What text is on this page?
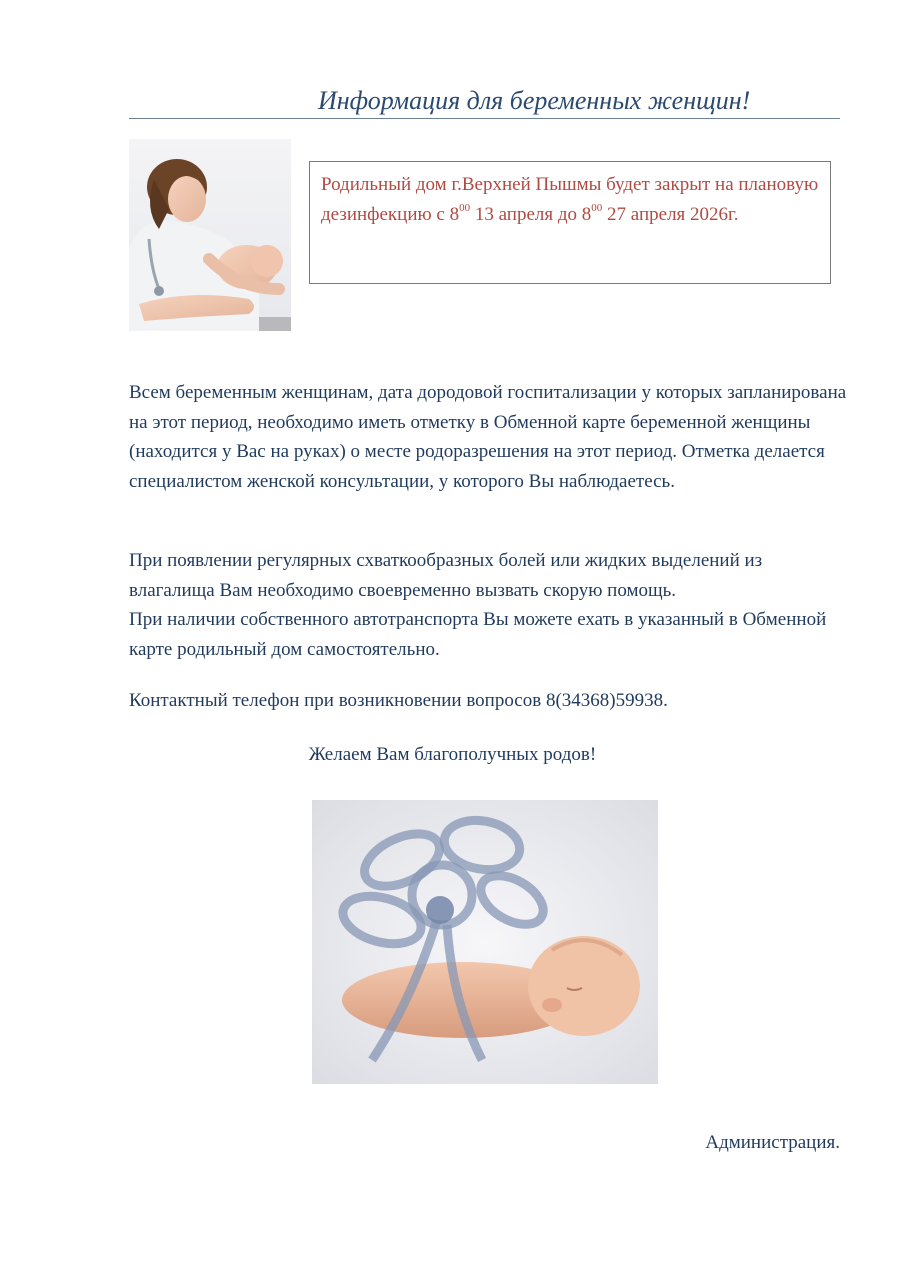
Информация для беременных женщин!
Родильный дом г.Верхней Пышмы будет закрыт на плановую дезинфекцию с $8^{00}$ 13 апреля до $8^{00}$ 27 апреля 2026г.
Всем беременным женщинам, дата дородовой госпитализации у которых запланирована на этот период, необходимо иметь отметку в Обменной карте беременной женщины (находится у Вас на руках) о месте родоразрешения на этот период. Отметка делается специалистом женской консультации, у которого Вы наблюдаетесь.
При появлении регулярных схваткообразных болей или жидких выделений из влагалища Вам необходимо своевременно вызвать скорую помощь.
При наличии собственного автотранспорта Вы можете ехать в указанный в Обменной карте родильный дом самостоятельно.
Контактный телефон при возникновении вопросов 8(34368)59938.
Желаем Вам благополучных родов!
Администрация.
